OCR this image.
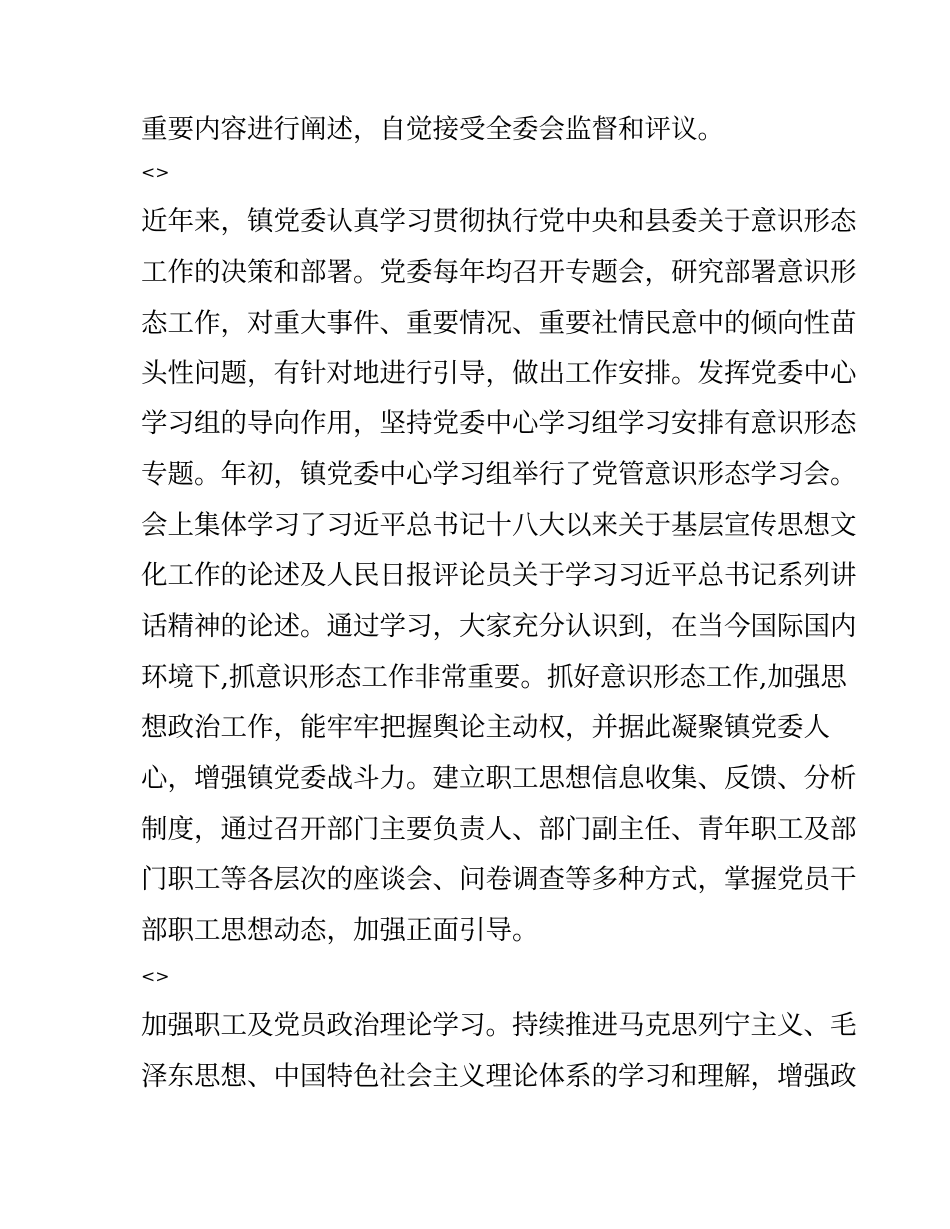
重要内容进行阐述，自觉接受全委会监督和评议。
<>
近年来，镇党委认真学习贯彻执行党中央和县委关于意识形态
工作的决策和部署。党委每年均召开专题会，研究部署意识形
态工作，对重大事件、重要情况、重要社情民意中的倾向性苗
头性问题，有针对地进行引导，做出工作安排。发挥党委中心
学习组的导向作用，坚持党委中心学习组学习安排有意识形态
专题。年初，镇党委中心学习组举行了党管意识形态学习会。
会上集体学习了习近平总书记十八大以来关于基层宣传思想文
化工作的论述及人民日报评论员关于学习习近平总书记系列讲
话精神的论述。通过学习，大家充分认识到，在当今国际国内
环境下,抓意识形态工作非常重要。抓好意识形态工作,加强思
想政治工作，能牢牢把握舆论主动权，并据此凝聚镇党委人
心，增强镇党委战斗力。建立职工思想信息收集、反馈、分析
制度，通过召开部门主要负责人、部门副主任、青年职工及部
门职工等各层次的座谈会、问卷调查等多种方式，掌握党员干
部职工思想动态，加强正面引导。
<>
加强职工及党员政治理论学习。持续推进马克思列宁主义、毛
泽东思想、中国特色社会主义理论体系的学习和理解，增强政
